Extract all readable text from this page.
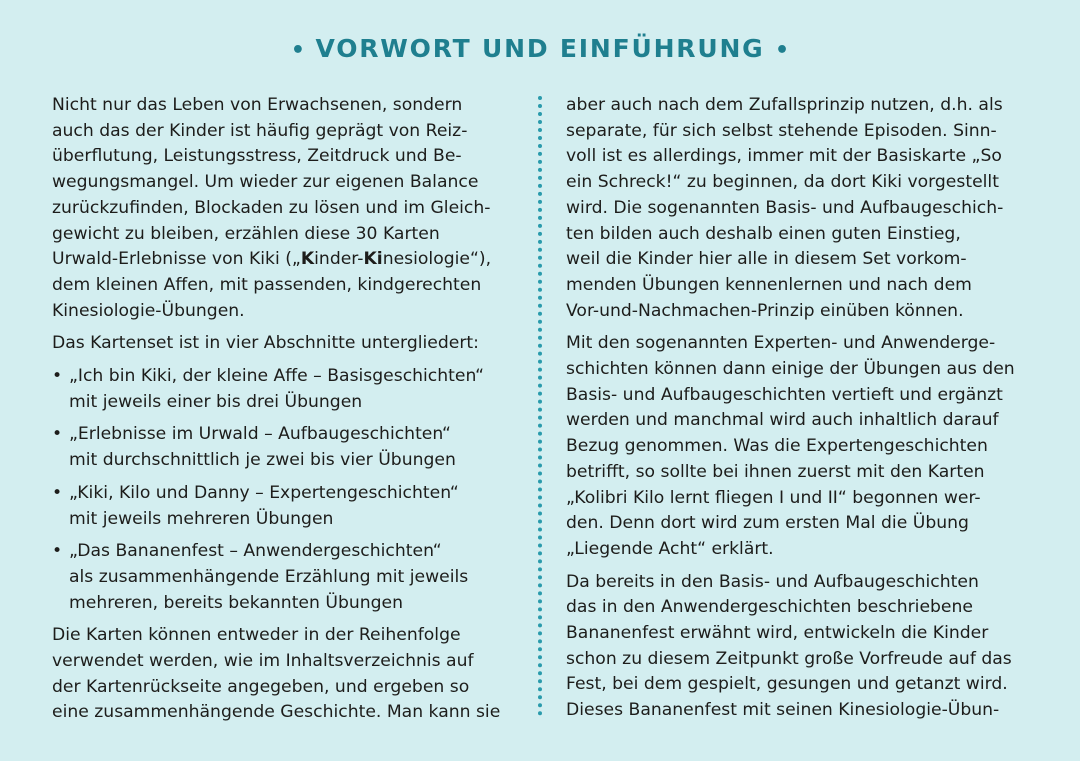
• VORWORT UND EINFÜHRUNG •
Nicht nur das Leben von Erwachsenen, sondern
auch das der Kinder ist häufig geprägt von Reiz-
überflutung, Leistungsstress, Zeitdruck und Be-
wegungsmangel. Um wieder zur eigenen Balance
zurückzufinden, Blockaden zu lösen und im Gleich-
gewicht zu bleiben, erzählen diese 30 Karten
Urwald-Erlebnisse von Kiki („Kinder-Kinesiologie“),
dem kleinen Affen, mit passenden, kindgerechten
Kinesiologie-Übungen.
Das Kartenset ist in vier Abschnitte untergliedert:
• „Ich bin Kiki, der kleine Affe – Basisgeschichten“
mit jeweils einer bis drei Übungen
• „Erlebnisse im Urwald – Aufbaugeschichten“
mit durchschnittlich je zwei bis vier Übungen
• „Kiki, Kilo und Danny – Expertengeschichten“
mit jeweils mehreren Übungen
• „Das Bananenfest – Anwendergeschichten“
als zusammenhängende Erzählung mit jeweils
mehreren, bereits bekannten Übungen
Die Karten können entweder in der Reihenfolge
verwendet werden, wie im Inhaltsverzeichnis auf
der Kartenrückseite angegeben, und ergeben so
eine zusammenhängende Geschichte. Man kann sie
aber auch nach dem Zufallsprinzip nutzen, d.h. als
separate, für sich selbst stehende Episoden. Sinn-
voll ist es allerdings, immer mit der Basiskarte „So
ein Schreck!“ zu beginnen, da dort Kiki vorgestellt
wird. Die sogenannten Basis- und Aufbaugeschich-
ten bilden auch deshalb einen guten Einstieg,
weil die Kinder hier alle in diesem Set vorkom-
menden Übungen kennenlernen und nach dem
Vor-und-Nachmachen-Prinzip einüben können.
Mit den sogenannten Experten- und Anwenderge-
schichten können dann einige der Übungen aus den
Basis- und Aufbaugeschichten vertieft und ergänzt
werden und manchmal wird auch inhaltlich darauf
Bezug genommen. Was die Expertengeschichten
betrifft, so sollte bei ihnen zuerst mit den Karten
„Kolibri Kilo lernt fliegen I und II“ begonnen wer-
den. Denn dort wird zum ersten Mal die Übung
„Liegende Acht“ erklärt.
Da bereits in den Basis- und Aufbaugeschichten
das in den Anwendergeschichten beschriebene
Bananenfest erwähnt wird, entwickeln die Kinder
schon zu diesem Zeitpunkt große Vorfreude auf das
Fest, bei dem gespielt, gesungen und getanzt wird.
Dieses Bananenfest mit seinen Kinesiologie-Übun-
